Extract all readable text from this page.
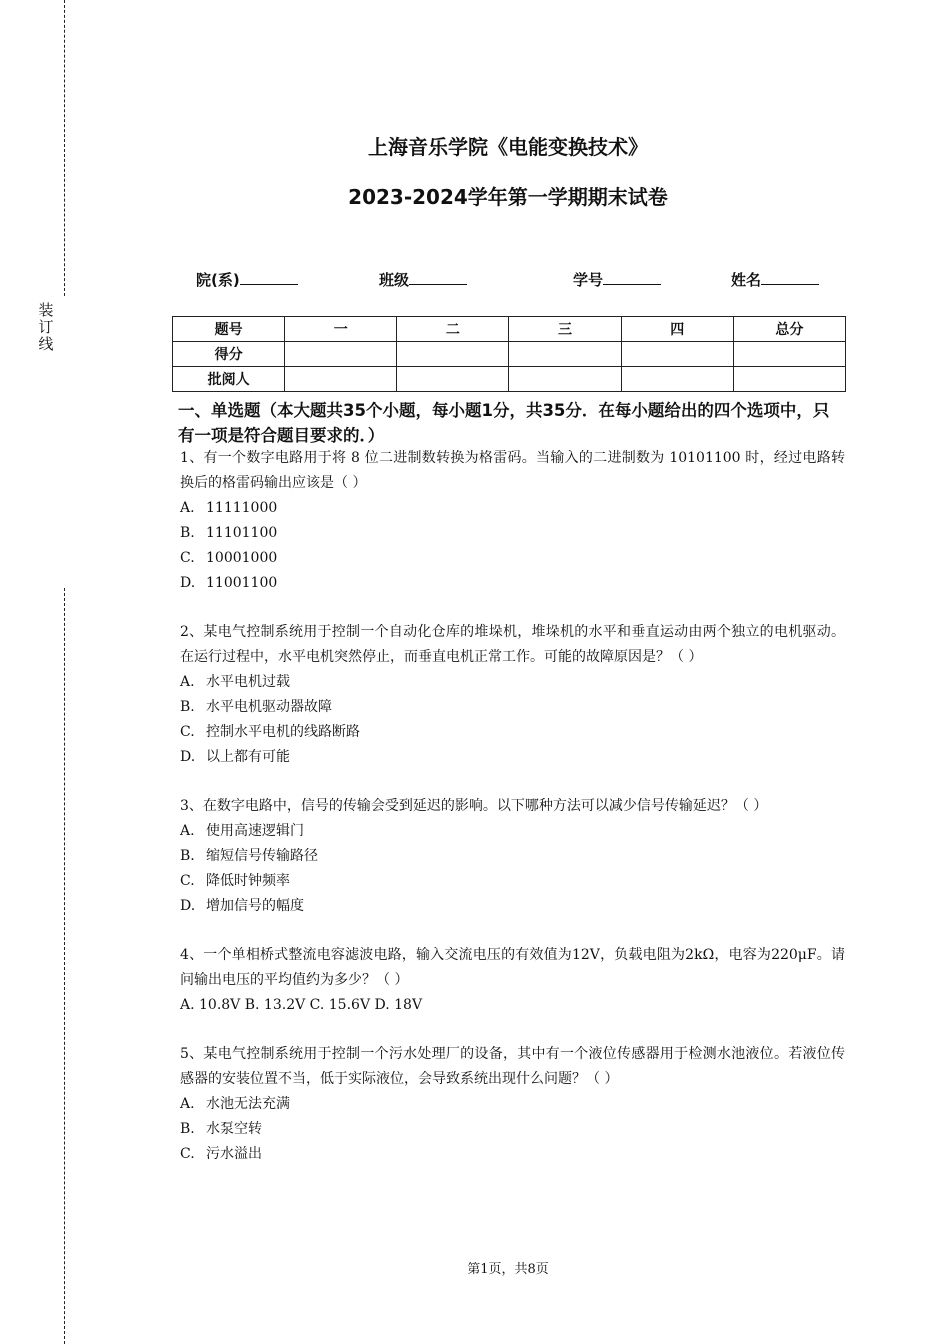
装订线
上海音乐学院《电能变换技术》
2023-2024学年第一学期期末试卷
院(系)	班级	学号	姓名
题号	一	二	三	四	总分
得分					
批阅人					
一、单选题（本大题共35个小题，每小题1分，共35分．在每小题给出的四个选项中，只有一项是符合题目要求的．）
1、有一个数字电路用于将 8 位二进制数转换为格雷码。当输入的二进制数为 10101100 时，经过电路转换后的格雷码输出应该是（ ）
A. 11111000
B. 11101100
C. 10001000
D. 11001100
2、某电气控制系统用于控制一个自动化仓库的堆垛机，堆垛机的水平和垂直运动由两个独立的电机驱动。在运行过程中，水平电机突然停止，而垂直电机正常工作。可能的故障原因是？（ ）
A. 水平电机过载
B. 水平电机驱动器故障
C. 控制水平电机的线路断路
D. 以上都有可能
3、在数字电路中，信号的传输会受到延迟的影响。以下哪种方法可以减少信号传输延迟？（ ）
A. 使用高速逻辑门
B. 缩短信号传输路径
C. 降低时钟频率
D. 增加信号的幅度
4、一个单相桥式整流电容滤波电路，输入交流电压的有效值为12V，负载电阻为2kΩ，电容为220μF。请问输出电压的平均值约为多少？（ ）
A. 10.8V B. 13.2V C. 15.6V D. 18V
5、某电气控制系统用于控制一个污水处理厂的设备，其中有一个液位传感器用于检测水池液位。若液位传感器的安装位置不当，低于实际液位，会导致系统出现什么问题？（ ）
A. 水池无法充满
B. 水泵空转
C. 污水溢出
第1页，共8页
